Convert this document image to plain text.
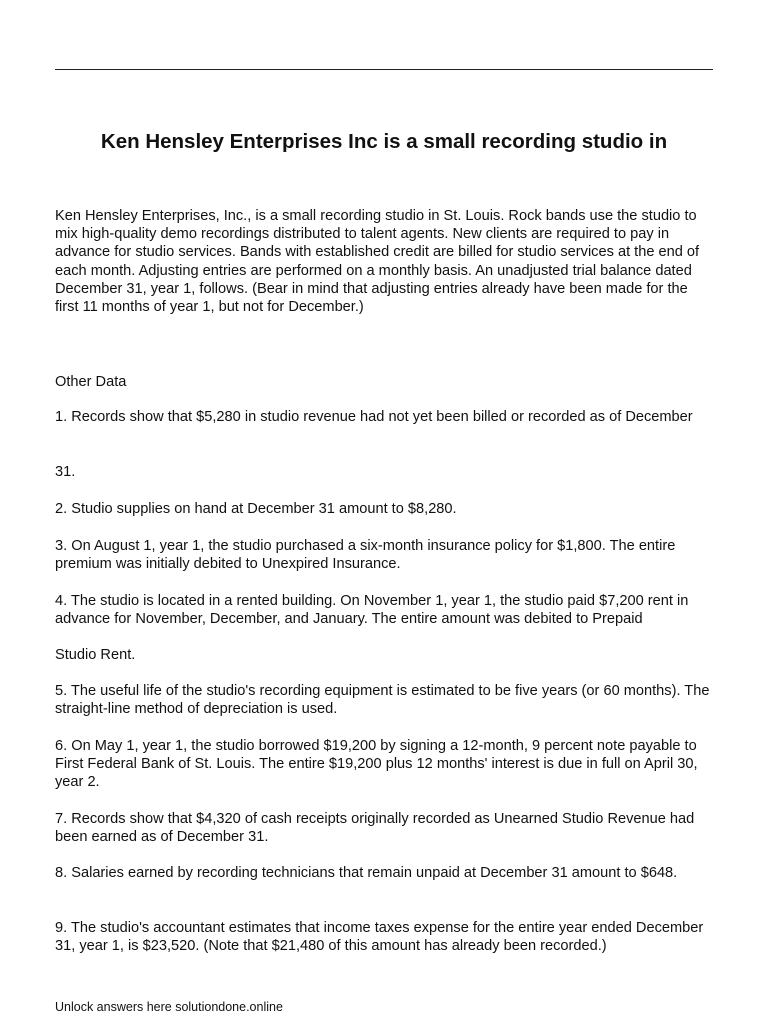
Ken Hensley Enterprises Inc is a small recording studio in

Ken Hensley Enterprises, Inc., is a small recording studio in St. Louis. Rock bands use the studio to mix high-quality demo recordings distributed to talent agents. New clients are required to pay in advance for studio services. Bands with established credit are billed for studio services at the end of each month. Adjusting entries are performed on a monthly basis. An unadjusted trial balance dated December 31, year 1, follows. (Bear in mind that adjusting entries already have been made for the first 11 months of year 1, but not for December.)

Other Data

1. Records show that $5,280 in studio revenue had not yet been billed or recorded as of December

31.

2. Studio supplies on hand at December 31 amount to $8,280.

3. On August 1, year 1, the studio purchased a six-month insurance policy for $1,800. The entire premium was initially debited to Unexpired Insurance.

4. The studio is located in a rented building. On November 1, year 1, the studio paid $7,200 rent in advance for November, December, and January. The entire amount was debited to Prepaid

Studio Rent.

5. The useful life of the studio's recording equipment is estimated to be five years (or 60 months). The straight-line method of depreciation is used.

6. On May 1, year 1, the studio borrowed $19,200 by signing a 12-month, 9 percent note payable to First Federal Bank of St. Louis. The entire $19,200 plus 12 months' interest is due in full on April 30, year 2.

7. Records show that $4,320 of cash receipts originally recorded as Unearned Studio Revenue had been earned as of December 31.

8. Salaries earned by recording technicians that remain unpaid at December 31 amount to $648.

9. The studio's accountant estimates that income taxes expense for the entire year ended December 31, year 1, is $23,520. (Note that $21,480 of this amount has already been recorded.)

Unlock answers here solutiondone.online
